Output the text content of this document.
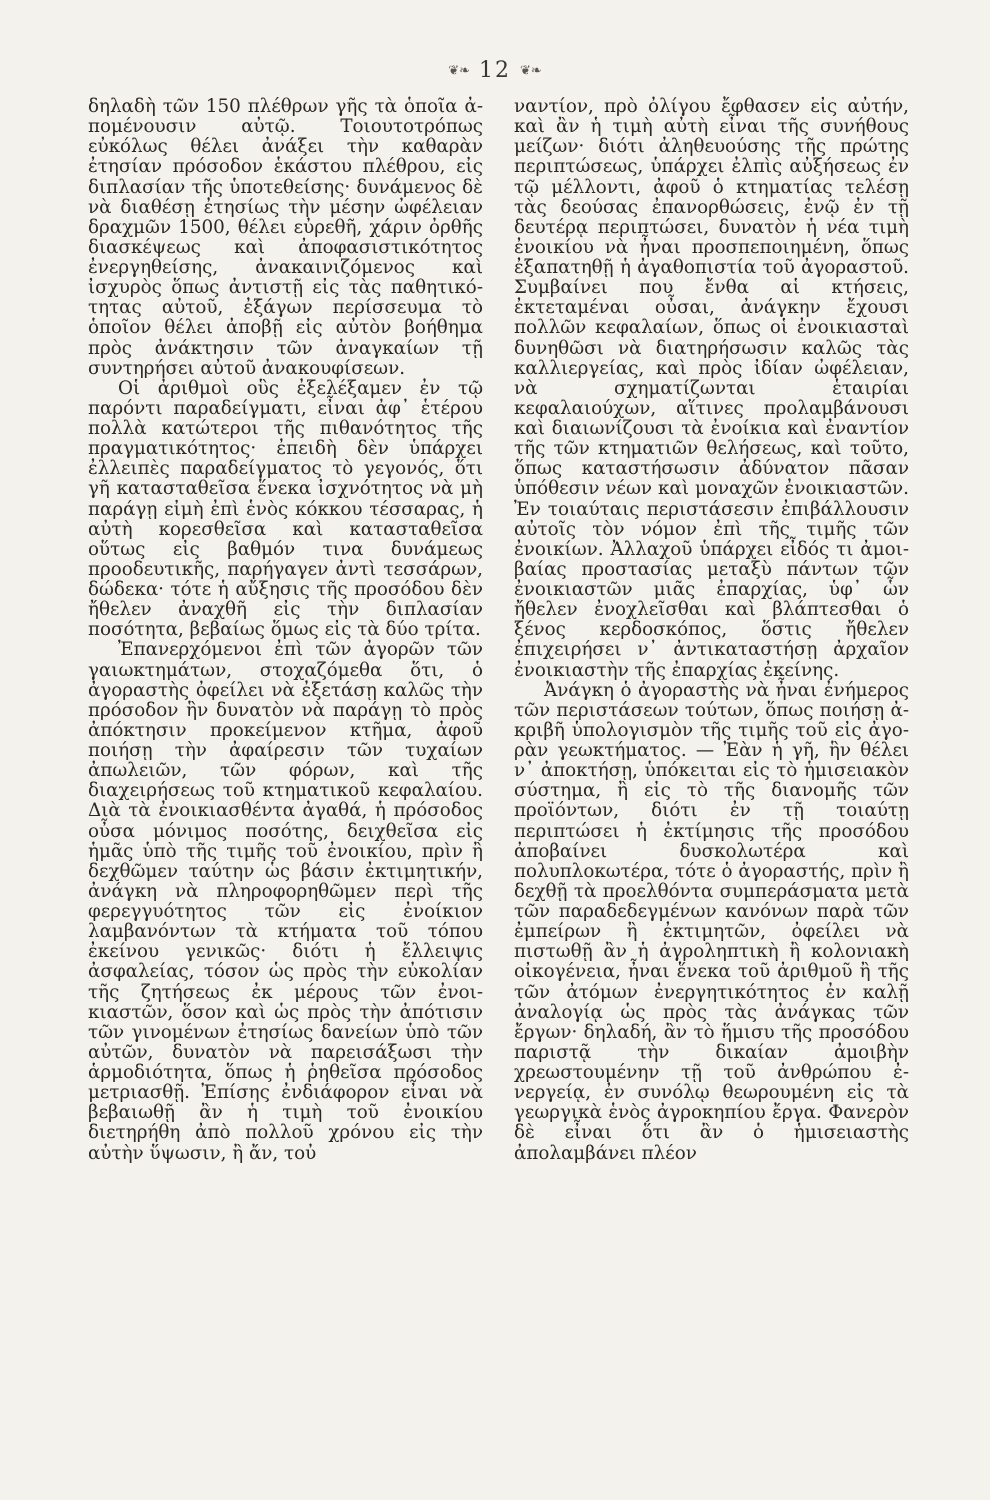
❦❧ 12 ❦❧

δηλαδὴ τῶν 150 πλέθρων γῆς τὰ ὁποῖα ἀπομένουσιν αὐτῷ. Τοιουτοτρόπως εὐκόλως θέλει ἀνάξει τὴν καθαρὰν ἐτησίαν πρόσοδον ἑκάστου πλέθρου, εἰς διπλασίαν τῆς ὑποτεθείσης· δυνάμενος δὲ νὰ διαθέσῃ ἐτησίως τὴν μέσην ὠφέλειαν δραχμῶν 1500, θέλει εὐρεθῆ, χάριν ὀρθῆς διασκέψεως καὶ ἀποφασιστικότητος ἐνεργηθείσης, ἀνακαινιζόμενος καὶ ἰσχυρὸς ὅπως ἀντιστῇ εἰς τὰς παθητικότητας αὐτοῦ, ἐξάγων περίσσευμα τὸ ὁποῖον θέλει ἀποβῇ εἰς αὐτὸν βοήθημα πρὸς ἀνάκτησιν τῶν ἀναγκαίων τῇ συντηρήσει αὐτοῦ ἀνακουφίσεων.

Οἱ ἀριθμοὶ οὓς ἐξελέξαμεν ἐν τῷ παρόντι παραδείγματι, εἶναι ἀφ᾽ ἑτέρου πολλὰ κατώτεροι τῆς πιθανότητος τῆς πραγματικότητος· ἐπειδὴ δὲν ὑπάρχει ἐλλειπὲς παραδείγματος τὸ γεγονός, ὅτι γῆ κατασταθεῖσα ἕνεκα ἰσχνότητος νὰ μὴ παράγῃ εἰμὴ ἐπὶ ἑνὸς κόκκου τέσσαρας, ἡ αὐτὴ κορεσθεῖσα καὶ κατασταθεῖσα οὕτως εἰς βαθμόν τινα δυνάμεως προοδευτικῆς, παρήγαγεν ἀντὶ τεσσάρων, δώδεκα· τότε ἡ αὔξησις τῆς προσόδου δὲν ἤθελεν ἀναχθῆ εἰς τὴν διπλασίαν ποσότητα, βεβαίως ὅμως εἰς τὰ δύο τρίτα.

Ἐπανερχόμενοι ἐπὶ τῶν ἀγορῶν τῶν γαιωκτημάτων, στοχαζόμεθα ὅτι, ὁ ἀγοραστὴς ὀφείλει νὰ ἐξετάσῃ καλῶς τὴν πρόσοδον ἣν δυνατὸν νὰ παράγῃ τὸ πρὸς ἀπόκτησιν προκείμενον κτῆμα, ἀφοῦ ποιήσῃ τὴν ἀφαίρεσιν τῶν τυχαίων ἀπωλειῶν, τῶν φόρων, καὶ τῆς διαχειρήσεως τοῦ κτηματικοῦ κεφαλαίου. Διὰ τὰ ἐνοικιασθέντα ἀγαθά, ἡ πρόσοδος οὖσα μόνιμος ποσότης, δειχθεῖσα εἰς ἡμᾶς ὑπὸ τῆς τιμῆς τοῦ ἐνοικίου, πρὶν ἢ δεχθῶμεν ταύτην ὡς βάσιν ἐκτιμητικήν, ἀνάγκη νὰ πληροφορηθῶμεν περὶ τῆς φερεγγυότητος τῶν εἰς ἐνοίκιον λαμβανόντων τὰ κτήματα τοῦ τόπου ἐκείνου γενικῶς· διότι ἡ ἔλλειψις ἀσφαλείας, τόσον ὡς πρὸς τὴν εὐκολίαν τῆς ζητήσεως ἐκ μέρους τῶν ἐνοικιαστῶν, ὅσον καὶ ὡς πρὸς τὴν ἀπότισιν τῶν γινομένων ἐτησίως δανείων ὑπὸ τῶν αὐτῶν, δυνατὸν νὰ παρεισάξωσι τὴν ἁρμοδιότητα, ὅπως ἡ ῥηθεῖσα πρόσοδος μετριασθῇ. Ἐπίσης ἐνδιάφορον εἶναι νὰ βεβαιωθῇ ἂν ἡ τιμὴ τοῦ ἐνοικίου διετηρήθη ἀπὸ πολλοῦ χρόνου εἰς τὴν αὐτὴν ὕψωσιν, ἢ ἄν, τοὐ

ναντίον, πρὸ ὀλίγου ἔφθασεν εἰς αὐτήν, καὶ ἂν ἡ τιμὴ αὐτὴ εἶναι τῆς συνήθους μείζων· διότι ἀληθευούσης τῆς πρώτης περιπτώσεως, ὑπάρχει ἐλπὶς αὐξήσεως ἐν τῷ μέλλοντι, ἀφοῦ ὁ κτηματίας τελέσῃ τὰς δεούσας ἐπανορθώσεις, ἐνῷ ἐν τῇ δευτέρᾳ περιπτώσει, δυνατὸν ἡ νέα τιμὴ ἐνοικίου νὰ ἦναι προσπεποιημένη, ὅπως ἐξαπατηθῇ ἡ ἀγαθοπιστία τοῦ ἀγοραστοῦ. Συμβαίνει που ἔνθα αἱ κτήσεις, ἐκτεταμέναι οὖσαι, ἀνάγκην ἔχουσι πολλῶν κεφαλαίων, ὅπως οἱ ἐνοικιασταὶ δυνηθῶσι νὰ διατηρήσωσιν καλῶς τὰς καλλιεργείας, καὶ πρὸς ἰδίαν ὠφέλειαν, νὰ σχηματίζωνται ἑταιρίαι κεφαλαιούχων, αἵτινες προλαμβάνουσι καὶ διαιωνίζουσι τὰ ἐνοίκια καὶ ἐναντίον τῆς τῶν κτηματιῶν θελήσεως, καὶ τοῦτο, ὅπως καταστήσωσιν ἀδύνατον πᾶσαν ὑπόθεσιν νέων καὶ μοναχῶν ἐνοικιαστῶν. Ἐν τοιαύταις περιστάσεσιν ἐπιβάλλουσιν αὐτοῖς τὸν νόμον ἐπὶ τῆς τιμῆς τῶν ἐνοικίων. Ἀλλαχοῦ ὑπάρχει εἶδός τι ἀμοιβαίας προστασίας μεταξὺ πάντων τῶν ἐνοικιαστῶν μιᾶς ἐπαρχίας, ὑφ᾽ ὧν ἤθελεν ἐνοχλεῖσθαι καὶ βλάπτεσθαι ὁ ξένος κερδοσκόπος, ὅστις ἤθελεν ἐπιχειρήσει ν᾽ ἀντικαταστήσῃ ἀρχαῖον ἐνοικιαστὴν τῆς ἐπαρχίας ἐκείνης.

Ἀνάγκη ὁ ἀγοραστὴς νὰ ἦναι ἐνήμερος τῶν περιστάσεων τούτων, ὅπως ποιήσῃ ἀκριβῆ ὑπολογισμὸν τῆς τιμῆς τοῦ εἰς ἀγορὰν γεωκτήματος. — Ἐὰν ἡ γῆ, ἣν θέλει ν᾽ ἀποκτήσῃ, ὑπόκειται εἰς τὸ ἡμισειακὸν σύστημα, ἢ εἰς τὸ τῆς διανομῆς τῶν προϊόντων, διότι ἐν τῇ τοιαύτῃ περιπτώσει ἡ ἐκτίμησις τῆς προσόδου ἀποβαίνει δυσκολωτέρα καὶ πολυπλοκωτέρα, τότε ὁ ἀγοραστής, πρὶν ἢ δεχθῇ τὰ προελθόντα συμπεράσματα μετὰ τῶν παραδεδεγμένων κανόνων παρὰ τῶν ἐμπείρων ἢ ἐκτιμητῶν, ὀφείλει νὰ πιστωθῇ ἂν ἡ ἀγροληπτικὴ ἢ κολονιακὴ οἰκογένεια, ἦναι ἕνεκα τοῦ ἀριθμοῦ ἢ τῆς τῶν ἀτόμων ἐνεργητικότητος ἐν καλῇ ἀναλογίᾳ ὡς πρὸς τὰς ἀνάγκας τῶν ἔργων· δηλαδή, ἂν τὸ ἥμισυ τῆς προσόδου παριστᾷ τὴν δικαίαν ἀμοιβὴν χρεωστουμένην τῇ τοῦ ἀνθρώπου ἐνεργείᾳ, ἐν συνόλῳ θεωρουμένη εἰς τὰ γεωργικὰ ἑνὸς ἀγροκηπίου ἔργα. Φανερὸν δὲ εἶναι ὅτι ἂν ὁ ἡμισειαστὴς ἀπολαμβάνει πλέον
